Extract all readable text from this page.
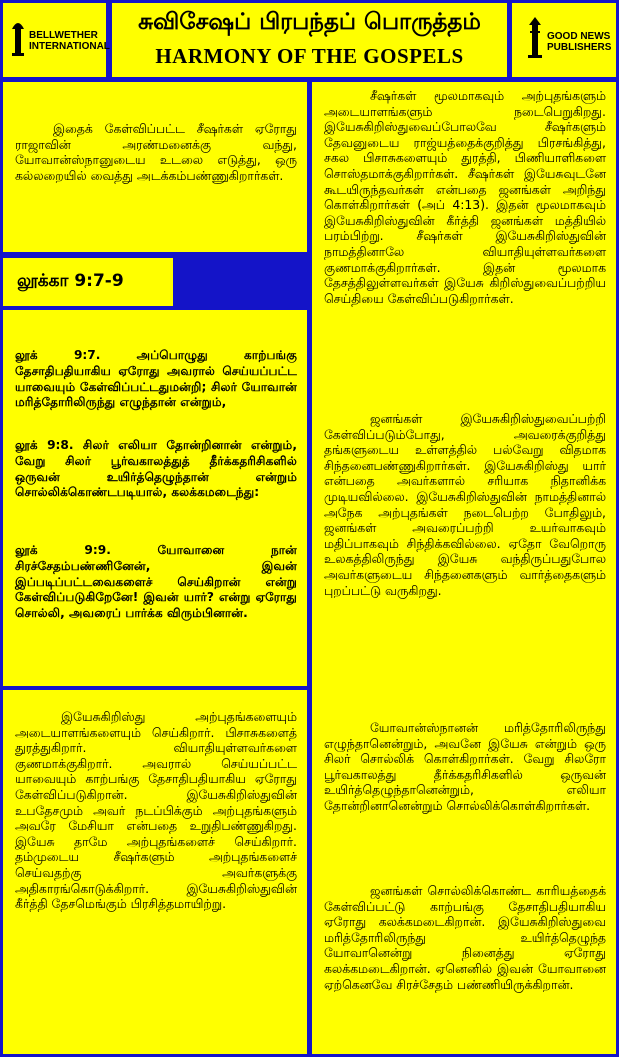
BELLWETHER
INTERNATIONAL
சுவிசேஷப் பிரபந்தப் பொருத்தம்
HARMONY OF THE GOSPELS
GOOD NEWS
PUBLISHERS

இதைக் கேள்விப்பட்ட சீஷர்கள் ஏரோது ராஜாவின் அரண்மனைக்கு வந்து, யோவான்ஸ்நானுடைய உடலை எடுத்து, ஒரு கல்லறையில் வைத்து அடக்கம்பண்ணுகிறார்கள்.

லூக்கா 9:7-9

லூக் 9:7. அப்பொழுது காற்பங்கு தேசாதிபதியாகிய ஏரோது அவரால் செய்யப்பட்ட யாவையும் கேள்விப்பட்டதுமன்றி; சிலர் யோவான் மரித்தோரிலிருந்து எழுந்தான் என்றும்,

லூக் 9:8. சிலர் எலியா தோன்றினான் என்றும், வேறு சிலர் பூர்வகாலத்துத் தீர்க்கதரிசிகளில் ஒருவன் உயிர்த்தெழுந்தான் என்றும் சொல்லிக்கொண்டபடியால், கலக்கமடைந்து:

லூக் 9:9. யோவானை நான் சிரச்சேதம்பண்ணினேன், இவன் இப்படிப்பட்டவைகளைச் செய்கிறான் என்று கேள்விப்படுகிறேனே! இவன் யார்? என்று ஏரோது சொல்லி, அவரைப் பார்க்க விரும்பினான்.

இயேசுகிறிஸ்து அற்புதங்களையும் அடையாளங்களையும் செய்கிறார். பிசாசுகளைத் துரத்துகிறார். வியாதியுள்ளவர்களை குணமாக்குகிறார். அவரால் செய்யப்பட்ட யாவையும் காற்பங்கு தேசாதிபதியாகிய ஏரோது கேள்விப்படுகிறான். இயேசுகிறிஸ்துவின் உபதேசமும் அவர் நடப்பிக்கும் அற்புதங்களும் அவரே மேசியா என்பதை உறுதிபண்ணுகிறது. இயேசு தாமே அற்புதங்களைச் செய்கிறார். தம்முடைய சீஷர்களும் அற்புதங்களைச் செய்வதற்கு அவர்களுக்கு அதிகாரங்கொடுக்கிறார். இயேசுகிறிஸ்துவின் கீர்த்தி தேசமெங்கும் பிரசித்தமாயிற்று.

சீஷர்கள் மூலமாகவும் அற்புதங்களும் அடையாளங்களும் நடைபெறுகிறது. இயேசுகிறிஸ்துவைப்போலவே சீஷர்களும் தேவனுடைய ராஜ்யத்தைக்குறித்து பிரசங்கித்து, சகல பிசாசுகளையும் துரத்தி, பிணியாளிகளை சொஸ்தமாக்குகிறார்கள். சீஷர்கள் இயேசுவுடனே கூடயிருந்தவர்கள் என்பதை ஜனங்கள் அறிந்து கொள்கிறார்கள் (அப் 4:13). இதன் மூலமாகவும் இயேசுகிறிஸ்துவின் கீர்த்தி ஜனங்கள் மத்தியில் பரம்பிற்று. சீஷர்கள் இயேசுகிறிஸ்துவின் நாமத்தினாலே வியாதியுள்ளவர்களை குணமாக்குகிறார்கள். இதன் மூலமாக தேசத்திலுள்ளவர்கள் இயேசு கிறிஸ்துவைப்பற்றிய செய்தியை கேள்விப்படுகிறார்கள்.

ஜனங்கள் இயேசுகிறிஸ்துவைப்பற்றி கேள்விப்படும்போது, அவரைக்குறித்து தங்களுடைய உள்ளத்தில் பல்வேறு விதமாக சிந்தனைபண்ணுகிறார்கள். இயேசுகிறிஸ்து யார் என்பதை அவர்களால் சரியாக நிதானிக்க முடியவில்லை. இயேசுகிறிஸ்துவின் நாமத்தினால் அநேக அற்புதங்கள் நடைபெற்ற போதிலும், ஜனங்கள் அவரைப்பற்றி உயர்வாகவும் மதிப்பாகவும் சிந்திக்கவில்லை. ஏதோ வேறொரு உலகத்திலிருந்து இயேசு வந்திருப்பதுபோல அவர்களுடைய சிந்தனைகளும் வார்த்தைகளும் புறப்பட்டு வருகிறது.

யோவான்ஸ்நானன் மரித்தோரிலிருந்து எழுந்தானென்றும், அவனே இயேசு என்றும் ஒரு சிலர் சொல்லிக் கொள்கிறார்கள். வேறு சிலரோ பூர்வகாலத்து தீர்க்கதரிசிகளில் ஒருவன் உயிர்த்தெழுந்தானென்றும், எலியா தோன்றினானென்றும் சொல்லிக்கொள்கிறார்கள்.

ஜனங்கள் சொல்லிக்கொண்ட காரியத்தைக் கேள்விப்பட்டு காற்பங்கு தேசாதிபதியாகிய ஏரோது கலக்கமடைகிறான். இயேசுகிறிஸ்துவை மரித்தோரிலிருந்து உயிர்த்தெழுந்த யோவானென்று நினைத்து ஏரோது கலக்கமடைகிறான். ஏனெனில் இவன் யோவானை ஏற்கெனவே சிரச்சேதம் பண்ணியிருக்கிறான்.
